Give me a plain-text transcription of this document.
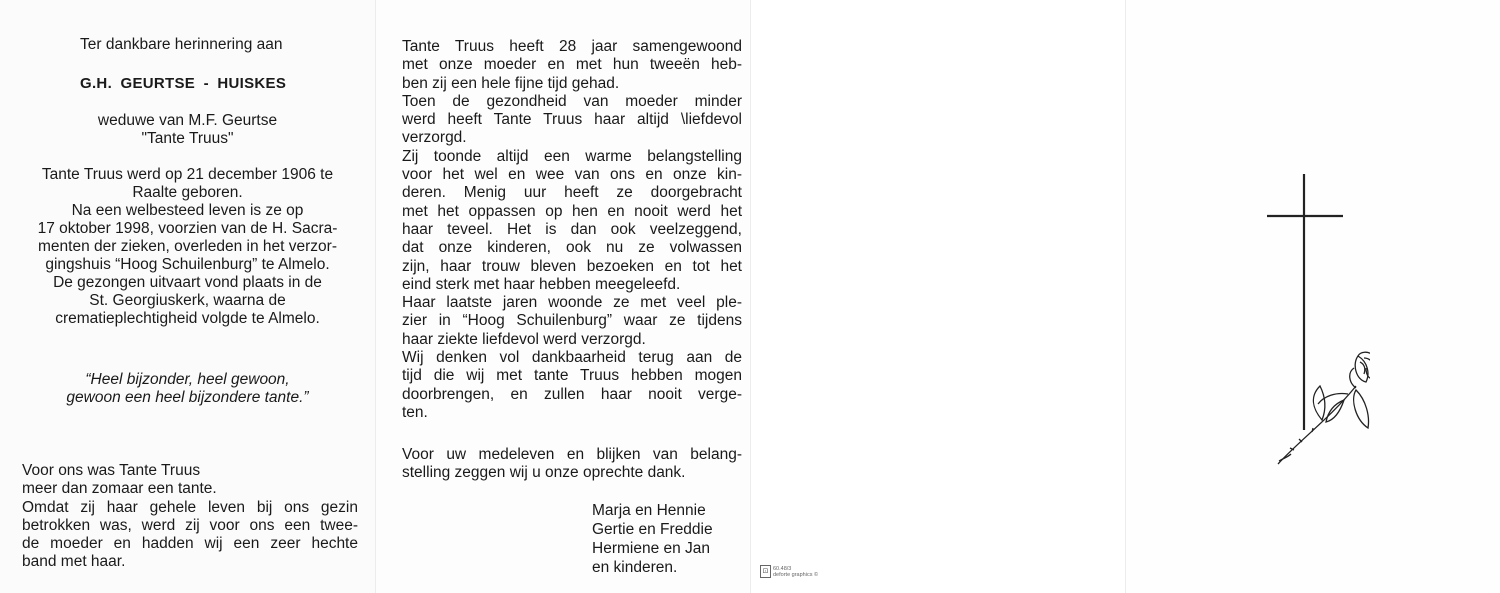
Ter dankbare herinnering aan
G.H. GEURTSE - HUISKES
weduwe van M.F. Geurtse
"Tante Truus"
Tante Truus werd op 21 december 1906 te
Raalte geboren.
Na een welbesteed leven is ze op
17 oktober 1998, voorzien van de H. Sacra-
menten der zieken, overleden in het verzor-
gingshuis “Hoog Schuilenburg” te Almelo.
De gezongen uitvaart vond plaats in de
St. Georgiuskerk, waarna de
crematieplechtigheid volgde te Almelo.
“Heel bijzonder, heel gewoon,
gewoon een heel bijzondere tante.”
Voor ons was Tante Truus
meer dan zomaar een tante.
Omdat zij haar gehele leven bij ons gezin
betrokken was, werd zij voor ons een twee-
de moeder en hadden wij een zeer hechte
band met haar.
Tante Truus heeft 28 jaar samengewoond
met onze moeder en met hun tweeën heb-
ben zij een hele fijne tijd gehad.
Toen de gezondheid van moeder minder
werd heeft Tante Truus haar altijd \liefdevol
verzorgd.
Zij toonde altijd een warme belangstelling
voor het wel en wee van ons en onze kin-
deren. Menig uur heeft ze doorgebracht
met het oppassen op hen en nooit werd het
haar teveel. Het is dan ook veelzeggend,
dat onze kinderen, ook nu ze volwassen
zijn, haar trouw bleven bezoeken en tot het
eind sterk met haar hebben meegeleefd.
Haar laatste jaren woonde ze met veel ple-
zier in “Hoog Schuilenburg” waar ze tijdens
haar ziekte liefdevol werd verzorgd.
Wij denken vol dankbaarheid terug aan de
tijd die wij met tante Truus hebben mogen
doorbrengen, en zullen haar nooit verge-
ten.
Voor uw medeleven en blijken van belang-
stelling zeggen wij u onze oprechte dank.
Marja en Hennie
Gertie en Freddie
Hermiene en Jan
en kinderen.	⊡ 60.48/3
deforte graphics ©
